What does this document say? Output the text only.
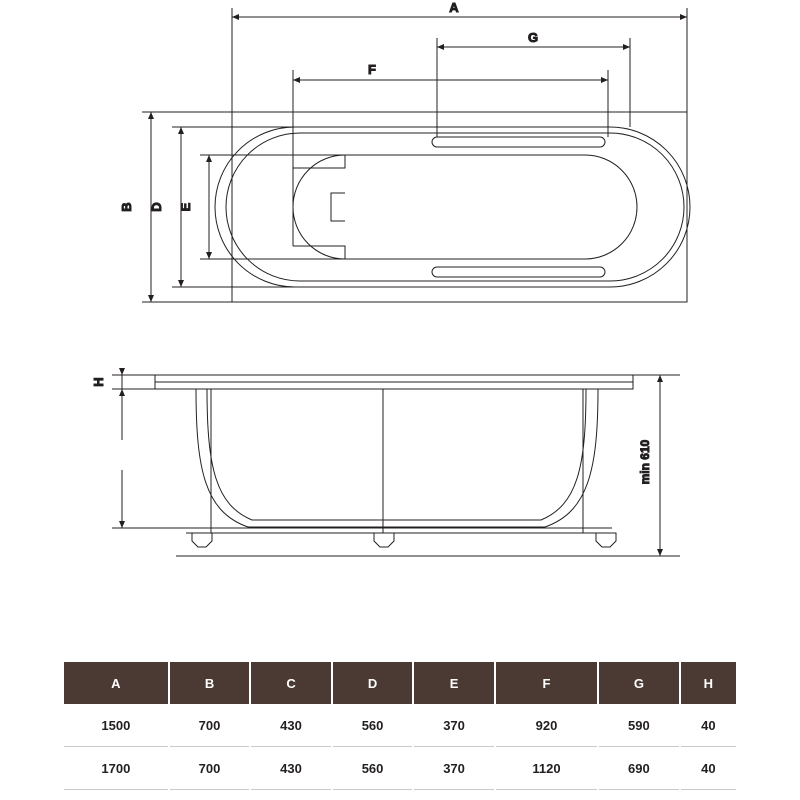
A
G
F
B D E
H
min 610
A	B	C	D	E	F	G	H
1500	700	430	560	370	920	590	40
1700	700	430	560	370	1120	690	40
